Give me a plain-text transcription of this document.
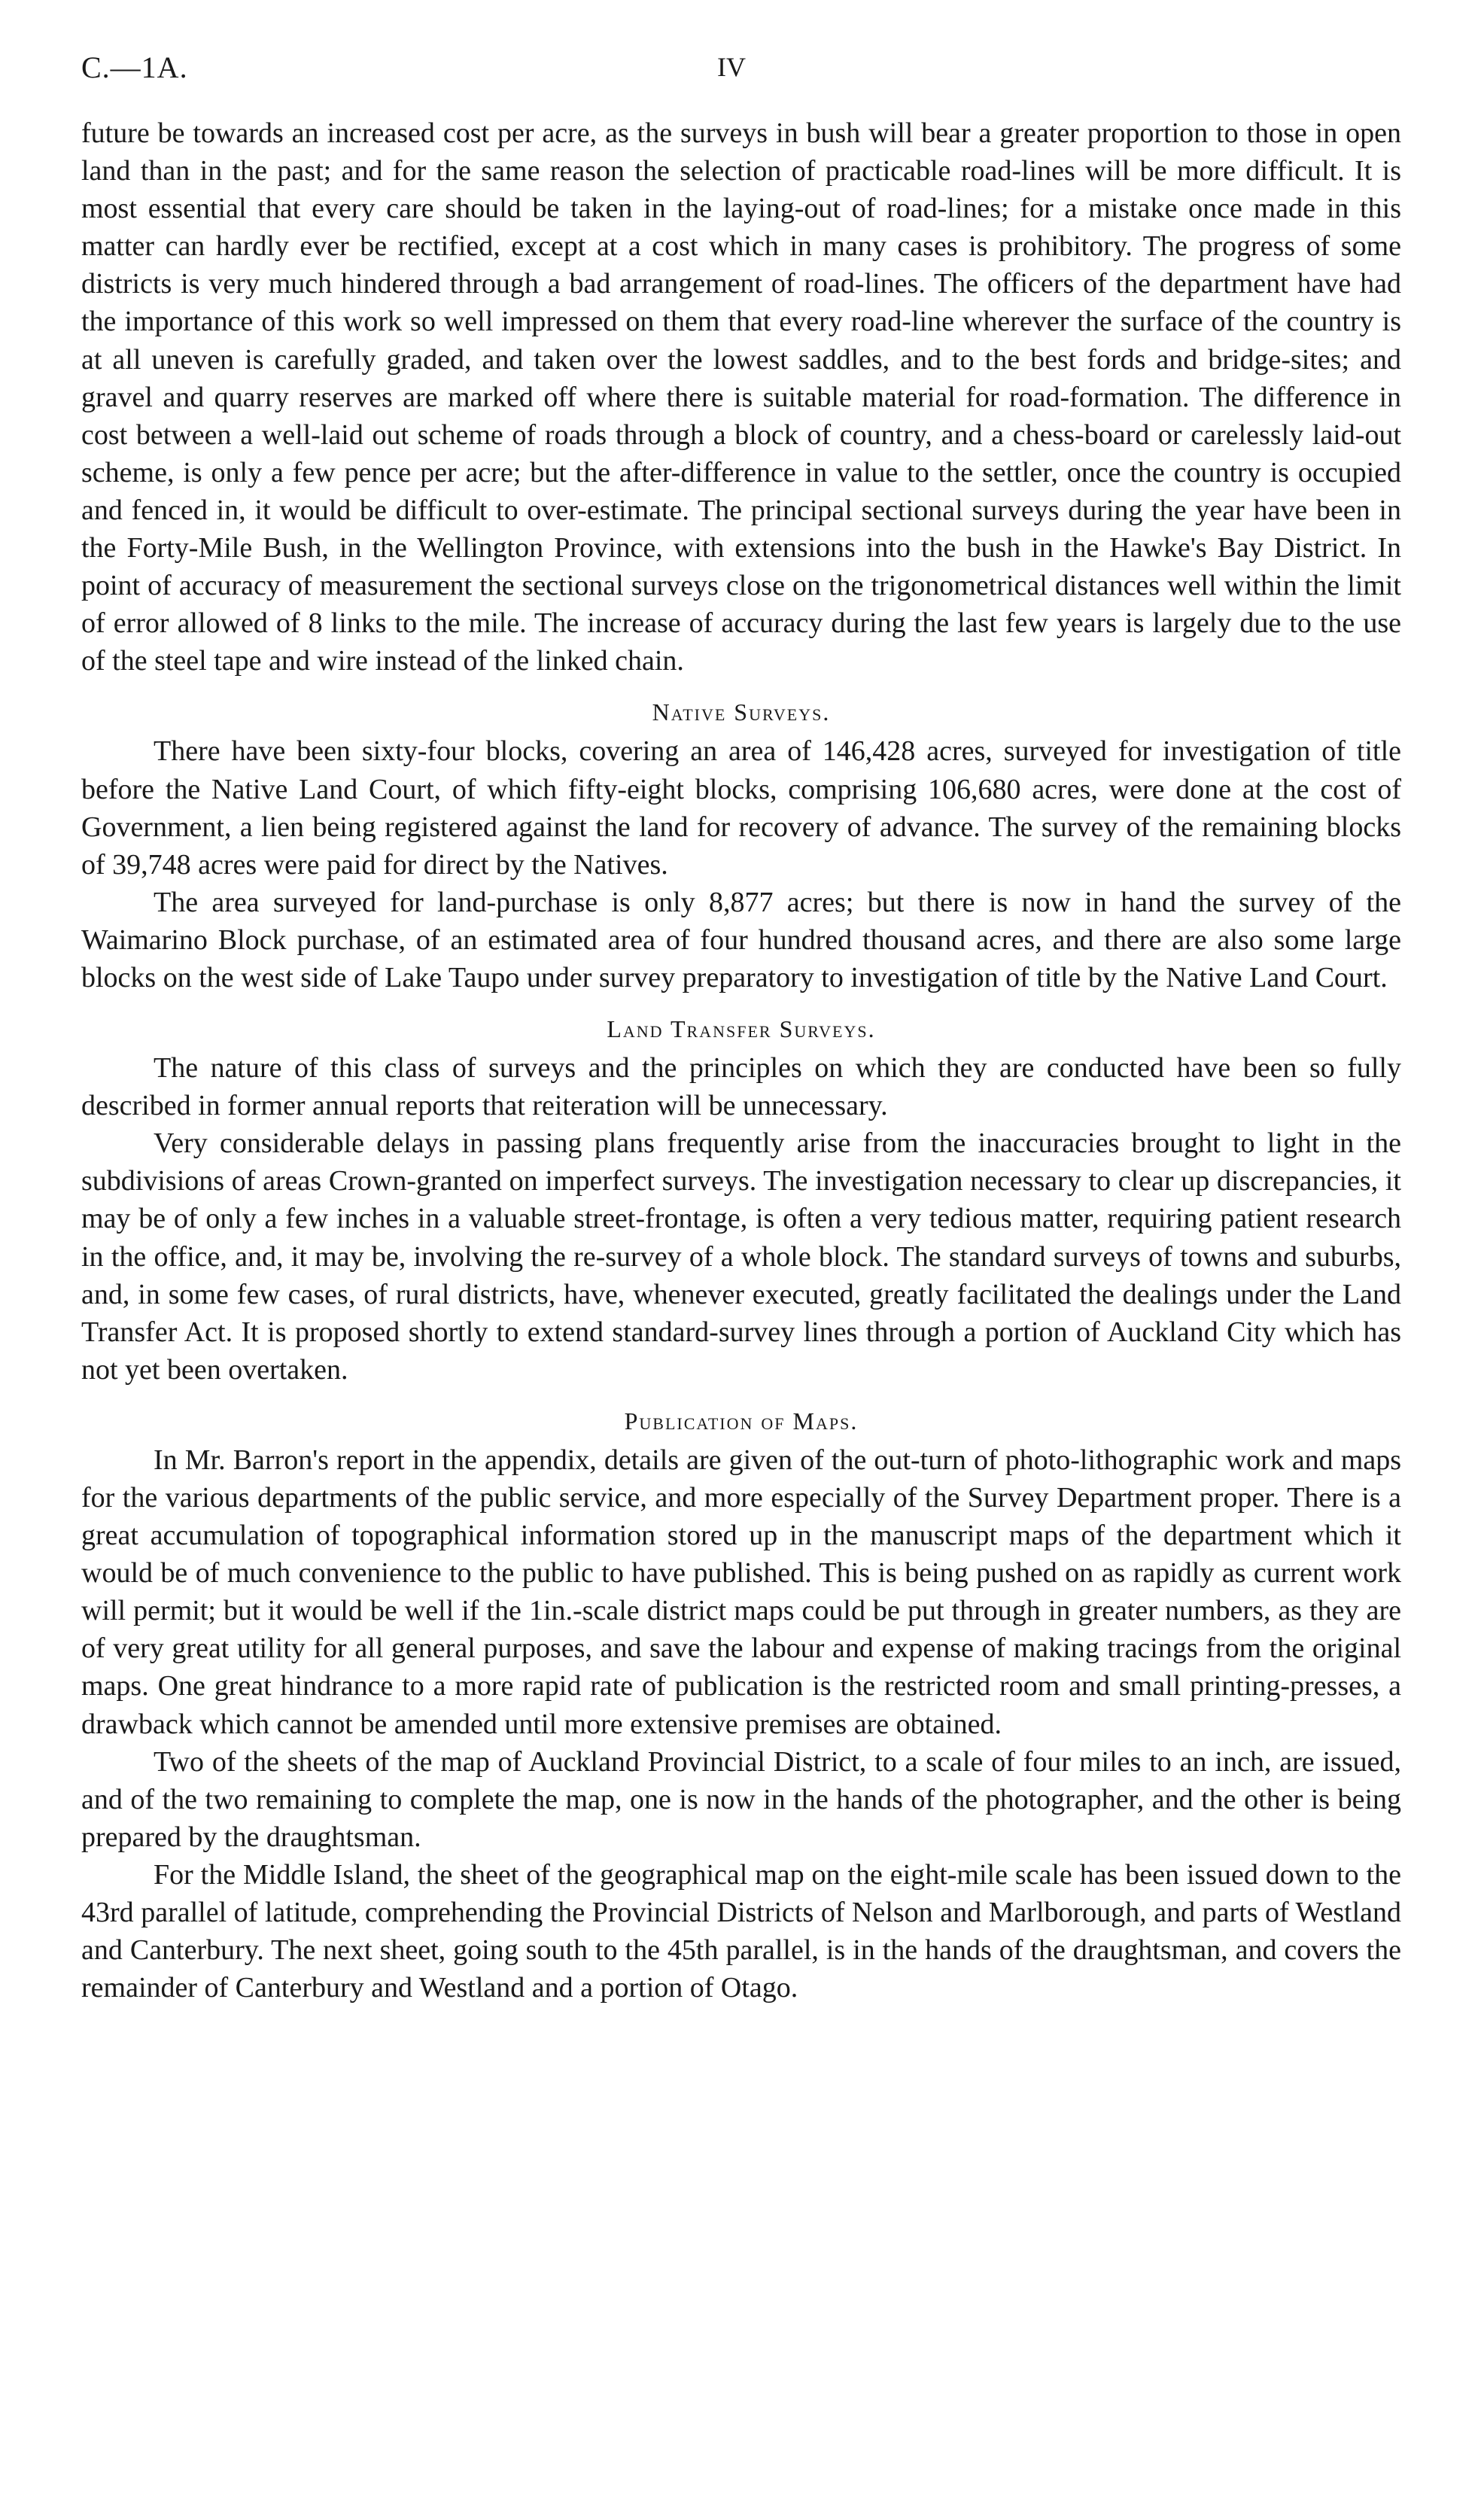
C.—1A.	IV

future be towards an increased cost per acre, as the surveys in bush will bear a greater proportion to those in open land than in the past; and for the same reason the selection of practicable road-lines will be more difficult. It is most essential that every care should be taken in the laying-out of road-lines; for a mistake once made in this matter can hardly ever be rectified, except at a cost which in many cases is prohibitory. The progress of some districts is very much hindered through a bad arrangement of road-lines. The officers of the department have had the importance of this work so well impressed on them that every road-line wherever the surface of the country is at all uneven is carefully graded, and taken over the lowest saddles, and to the best fords and bridge-sites; and gravel and quarry reserves are marked off where there is suitable material for road-formation. The difference in cost between a well-laid out scheme of roads through a block of country, and a chess-board or carelessly laid-out scheme, is only a few pence per acre; but the after-difference in value to the settler, once the country is occupied and fenced in, it would be difficult to over-estimate. The principal sectional surveys during the year have been in the Forty-Mile Bush, in the Wellington Province, with extensions into the bush in the Hawke's Bay District. In point of accuracy of measurement the sectional surveys close on the trigonometrical distances well within the limit of error allowed of 8 links to the mile. The increase of accuracy during the last few years is largely due to the use of the steel tape and wire instead of the linked chain.

Native Surveys.

There have been sixty-four blocks, covering an area of 146,428 acres, surveyed for investigation of title before the Native Land Court, of which fifty-eight blocks, comprising 106,680 acres, were done at the cost of Government, a lien being registered against the land for recovery of advance. The survey of the remaining blocks of 39,748 acres were paid for direct by the Natives.

The area surveyed for land-purchase is only 8,877 acres; but there is now in hand the survey of the Waimarino Block purchase, of an estimated area of four hundred thousand acres, and there are also some large blocks on the west side of Lake Taupo under survey preparatory to investigation of title by the Native Land Court.

Land Transfer Surveys.

The nature of this class of surveys and the principles on which they are conducted have been so fully described in former annual reports that reiteration will be unnecessary.

Very considerable delays in passing plans frequently arise from the inaccuracies brought to light in the subdivisions of areas Crown-granted on imperfect surveys. The investigation necessary to clear up discrepancies, it may be of only a few inches in a valuable street-frontage, is often a very tedious matter, requiring patient research in the office, and, it may be, involving the re-survey of a whole block. The standard surveys of towns and suburbs, and, in some few cases, of rural districts, have, whenever executed, greatly facilitated the dealings under the Land Transfer Act. It is proposed shortly to extend standard-survey lines through a portion of Auckland City which has not yet been overtaken.

Publication of Maps.

In Mr. Barron's report in the appendix, details are given of the out-turn of photo-lithographic work and maps for the various departments of the public service, and more especially of the Survey Department proper. There is a great accumulation of topographical information stored up in the manuscript maps of the department which it would be of much convenience to the public to have published. This is being pushed on as rapidly as current work will permit; but it would be well if the 1in.-scale district maps could be put through in greater numbers, as they are of very great utility for all general purposes, and save the labour and expense of making tracings from the original maps. One great hindrance to a more rapid rate of publication is the restricted room and small printing-presses, a drawback which cannot be amended until more extensive premises are obtained.

Two of the sheets of the map of Auckland Provincial District, to a scale of four miles to an inch, are issued, and of the two remaining to complete the map, one is now in the hands of the photographer, and the other is being prepared by the draughtsman.

For the Middle Island, the sheet of the geographical map on the eight-mile scale has been issued down to the 43rd parallel of latitude, comprehending the Provincial Districts of Nelson and Marlborough, and parts of Westland and Canterbury. The next sheet, going south to the 45th parallel, is in the hands of the draughtsman, and covers the remainder of Canterbury and Westland and a portion of Otago.
